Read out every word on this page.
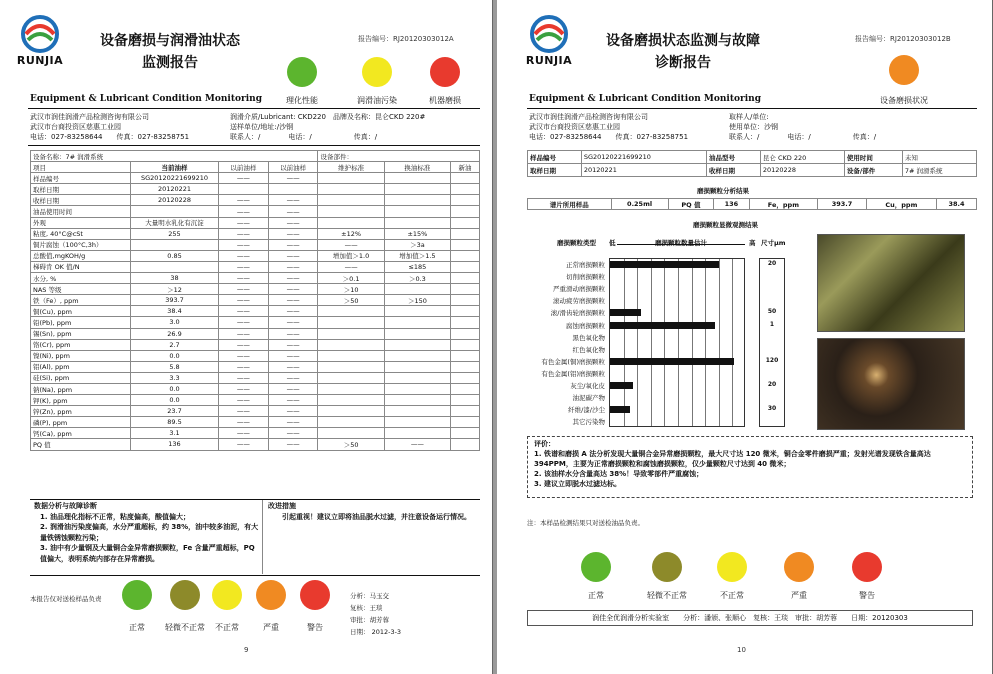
RUNJIA
设备磨损与润滑油状态
监测报告
报告编号：RJ20120303012A
理化性能	润滑油污染	机器磨损
Equipment & Lubricant Condition Monitoring
武汉市润佳润滑产品检测咨询有限公司
武汉市台商投资区慈惠工业园
电话：027-83258644　　 传真：027-83258751
润滑介质/Lubricant: CKD220　 品牌及名称：昆仑CKD 220#
送样单位/地址:/沙钢
联系人：/　　　　	电话：/　　　　　　	传真：/
设备名称：7# 润滑系统				设备部件：		
项目	当前油样	以前油样	以前油样	维护标准	换油标准	新油
样品编号	SG20120221699210	——	——			
取样日期	20120221					
收样日期	20120228	——	——			
油品使用时间		——	——			
外观	大量明水乳化有沉淀	——	——			
粘度, 40°C@cSt	255	——	——	±12%	±15%	
铜片腐蚀（100°C,3h）		——	——	——	＞3a	
总酸值,mgKOH/g	0.85	——	——	增加值＞1.0	增加值＞1.5	
梯碍肯 OK 值/N		——	——	——	≤185	
水分, %	38	——	——	＞0.1	＞0.3	
NAS 等级	＞12	——	——	＞10		
铁（Fe）, ppm	393.7	——	——	＞50	＞150	
铜(Cu), ppm	38.4	——	——			
铅(Pb), ppm	3.0	——	——			
锡(Sn), ppm	26.9	——	——			
铬(Cr), ppm	2.7	——	——			
镍(Ni), ppm	0.0	——	——			
铝(Al), ppm	5.8	——	——			
硅(Si), ppm	3.3	——	——			
钠(Na), ppm	0.0	——	——			
钾(K), ppm	0.0	——	——			
锌(Zn), ppm	23.7	——	——			
磷(P), ppm	89.5	——	——			
钙(Ca), ppm	3.1	——	——			
PQ 值	136	——	——	＞50	——	
数据分析与故障诊断
1. 油品理化指标不正常，粘度偏高，酸值偏大；
2. 润滑油污染度偏高，水分严重超标，约 38%，油中较多油泥，有大量铁锈蚀颗粒污染；
3. 油中有少量钢及大量铜合金异常磨损颗粒，Fe 含量严重超标，PQ 值偏大，表明系统内部存在异常磨损。
改进措施
引起重视！建议立即将油品脱水过滤，并注意设备运行情况。
本报告仅对送检样品负责
正常	轻微不正常	不正常	严重	警告
分析：马玉交
复核：王琰
审批：胡芳蓉
日期： 2012-3-3
9
RUNJIA
设备磨损状态监测与故障
诊断报告
报告编号：RJ20120303012B
设备磨损状况
Equipment & Lubricant Condition Monitoring
武汉市润佳润滑产品检测咨询有限公司
武汉市台商投资区慈惠工业园
电话：027-83258644　　 传真：027-83258751
取样人/单位:
使用单位：沙钢
联系人：/　　　　	电话：/　　　　　　	传真：/
样品编号	SG20120221699210	油品型号	昆仑 CKD 220	使用时间	未知
取样日期	20120221	收样日期	20120228	设备/部件	7# 润滑系统
磨损颗粒分析结果
谱片所用样品	0.25ml	PQ 值	136	Fe，ppm	393.7	Cu，ppm	38.4
磨损颗粒显微观测结果
磨损颗粒类型 低	磨损颗粒数量估计	高 尺寸μm
正常磨损颗粒	20
切削磨损颗粒
严重滑动磨损颗粒
滚动疲劳磨损颗粒
滚/滑齿轮磨损颗粒	50
腐蚀磨损颗粒	1
黑色氧化物
红色氧化物
有色金属(铜)磨损颗粒	120
有色金属(铝)磨损颗粒
灰尘/氧化皮	20
油泥碳产物
纤维/漆/沙尘	30
其它污染物
评价：
1. 铁谱和磨损 A 法分析发现大量铜合金异常磨损颗粒，最大尺寸达 120 微米，铜合金零件磨损严重；发射光谱发现铁含量高达 394PPM，主要为正常磨损颗粒和腐蚀磨损颗粒，仅少量颗粒尺寸达到 40 微米；
2. 该油样水分含量高达 38%！导致零部件严重腐蚀；
3. 建议立即脱水过滤达标。
注：本样品检测结果只对送检油品负责。
正常	轻微不正常	不正常	严重	警告
润佳全优润滑分析实验室　　分析：潘颁、张顺心　复核：王琰　审批：胡芳蓉　　日期：20120303
10
